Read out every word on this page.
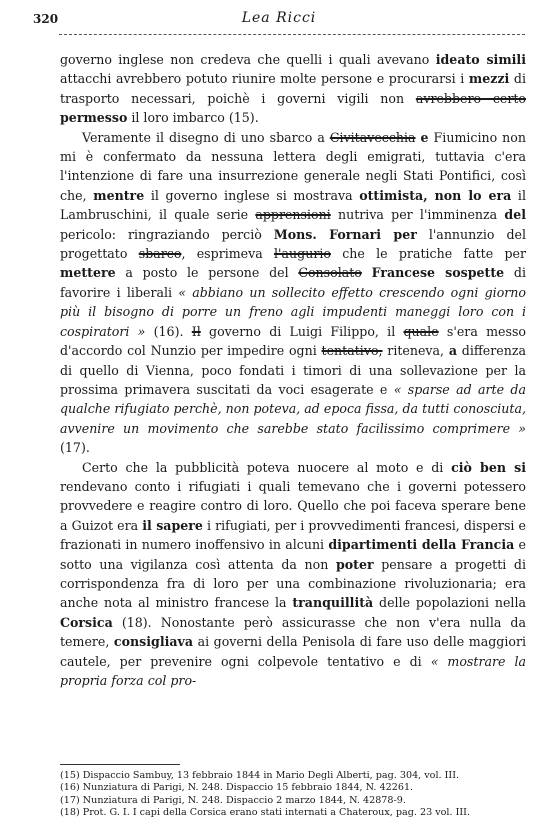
320	Lea Ricci

governo inglese non credeva che quelli i quali avevano ideato simili attacchi avrebbero potuto riunire molte persone e procurarsi i mezzi di trasporto necessari, poichè i governi vigili non avrebbero certo permesso il loro imbarco (15).

Veramente il disegno di uno sbarco a Civitavecchia e Fiumicino non mi è confermato da nessuna lettera degli emigrati, tuttavia c'era l'intenzione di fare una insurrezione generale negli Stati Pontifici, così che, mentre il governo inglese si mostrava ottimista, non lo era il Lambruschini, il quale serie apprensioni nutriva per l'imminenza del pericolo: ringraziando perciò Mons. Fornari per l'annunzio del progettato sbarco, esprimeva l'augurio che le pratiche fatte per mettere a posto le persone del Consolato Francese sospette di favorire i liberali « abbiano un sollecito effetto crescendo ogni giorno più il bisogno di porre un freno agli impudenti maneggi loro con i cospiratori » (16). Il governo di Luigi Filippo, il quale s'era messo d'accordo col Nunzio per impedire ogni tentativo, riteneva, a differenza di quello di Vienna, poco fondati i timori di una sollevazione per la prossima primavera suscitati da voci esagerate e « sparse ad arte da qualche rifugiato perchè, non poteva, ad epoca fissa, da tutti conosciuta, avvenire un movimento che sarebbe stato facilissimo comprimere » (17).

Certo che la pubblicità poteva nuocere al moto e di ciò ben si rendevano conto i rifugiati i quali temevano che i governi potessero provvedere e reagire contro di loro. Quello che poi faceva sperare bene a Guizot era il sapere i rifugiati, per i provvedimenti francesi, dispersi e frazionati in numero inoffensivo in alcuni dipartimenti della Francia e sotto una vigilanza così attenta da non poter pensare a progetti di corrispondenza fra di loro per una combinazione rivoluzionaria; era anche nota al ministro francese la tranquillità delle popolazioni nella Corsica (18). Nonostante però assicurasse che non v'era nulla da temere, consigliava ai governi della Penisola di fare uso delle maggiori cautele, per prevenire ogni colpevole tentativo e di « mostrare la propria forza col pro-

(15) Dispaccio Sambuy, 13 febbraio 1844 in Mario Degli Alberti, pag. 304, vol. III.

(16) Nunziatura di Parigi, N. 248. Dispaccio 15 febbraio 1844, N. 42261.

(17) Nunziatura di Parigi, N. 248. Dispaccio 2 marzo 1844, N. 42878-9.

(18) Prot. G. I. I capi della Corsica erano stati internati a Chateroux, pag. 23 vol. III.
